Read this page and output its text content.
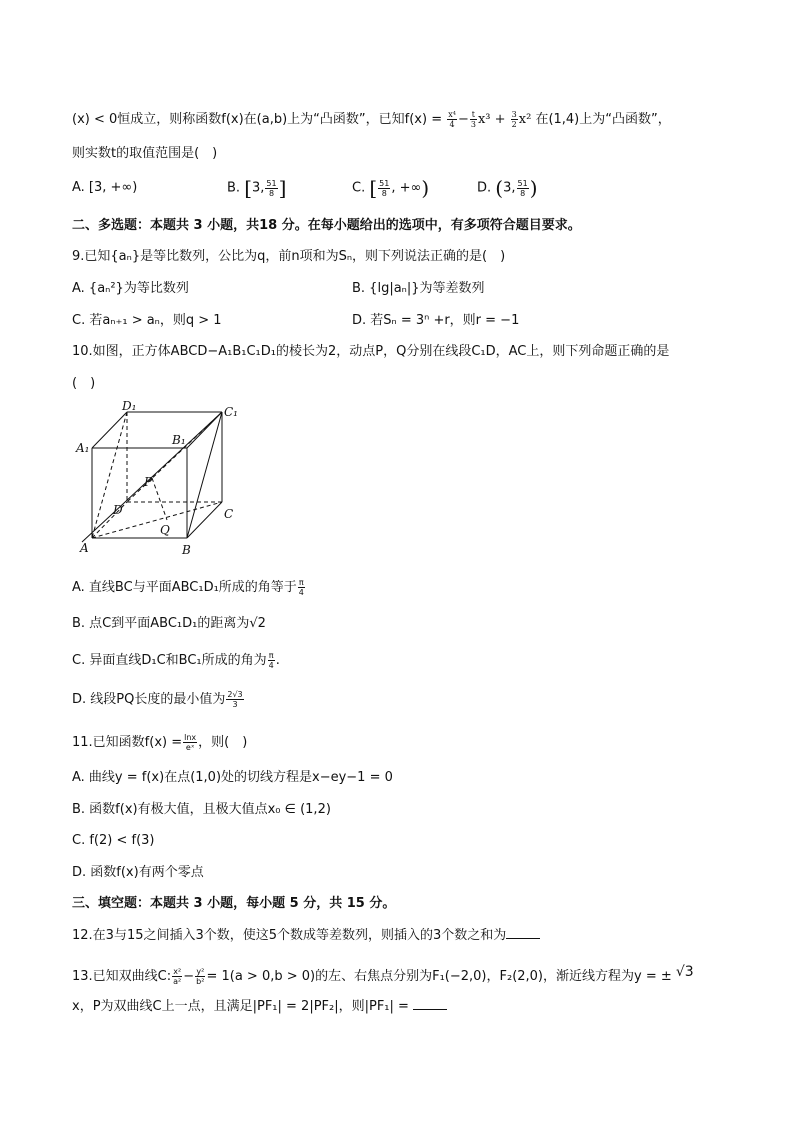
(x) < 0恒成立，则称函数f(x)在(a,b)上为“凸函数”，已知$f(x) = \frac{\text{x⁴}}{4} - \frac{t}{3} x^3 + \frac{3}{2} x^2$ 在(1,4)上为“凸函数”，
则实数t的取值范围是(　)
A. [3, +∞)	B. [3, $\frac{51}{8}$ ]	C. [ $\frac{51}{8}$ , +∞)	D. (3, $\frac{51}{8}$ )
二、多选题：本题共 3 小题，共18 分。在每小题给出的选项中，有多项符合题目要求。
9.已知{aₙ}是等比数列，公比为q，前n项和为Sₙ，则下列说法正确的是(　)
A. {aₙ²}为等比数列	B. {lg|aₙ|}为等差数列
C. 若aₙ₊₁ > aₙ，则q > 1	D. 若Sₙ = 3ⁿ +r，则r = −1
10.如图，正方体ABCD−A₁B₁C₁D₁的棱长为2，动点P，Q分别在线段C₁D，AC上，则下列命题正确的是
(　)
D₁	C₁
A₁
B₁
P
D	C
Q
A	B
A. 直线BC与平面ABC₁D₁所成的角等于 $\frac{\pi}{4}$
B. 点C到平面ABC₁D₁的距离为√2
C. 异面直线D₁C和BC₁所成的角为 $\frac{\pi}{4}$ .
D. 线段PQ长度的最小值为 $\frac{2√3}{3}$
11.已知函数$f(x) = \frac{\ln x}{\text{eˣ}}$ ，则(　)
A. 曲线y = f(x)在点(1,0)处的切线方程是x−ey−1 = 0
B. 函数f(x)有极大值，且极大值点x₀ ∈ (1,2)
C. f(2) < f(3)
D. 函数f(x)有两个零点
三、填空题：本题共 3 小题，每小题 5 分，共 15 分。
12.在3与15之间插入3个数，使这5个数成等差数列，则插入的3个数之和为
13.已知双曲线C: $\frac{\text{x²}}{\text{a²}} - \frac{\text{y²}}{\text{b²}} = 1(a > 0,b > 0)$的左、右焦点分别为F₁(−2,0)，F₂(2,0)，渐近线方程为y = ± √3
x，P为双曲线C上一点，且满足|PF₁| = 2|PF₂|，则|PF₁| =
